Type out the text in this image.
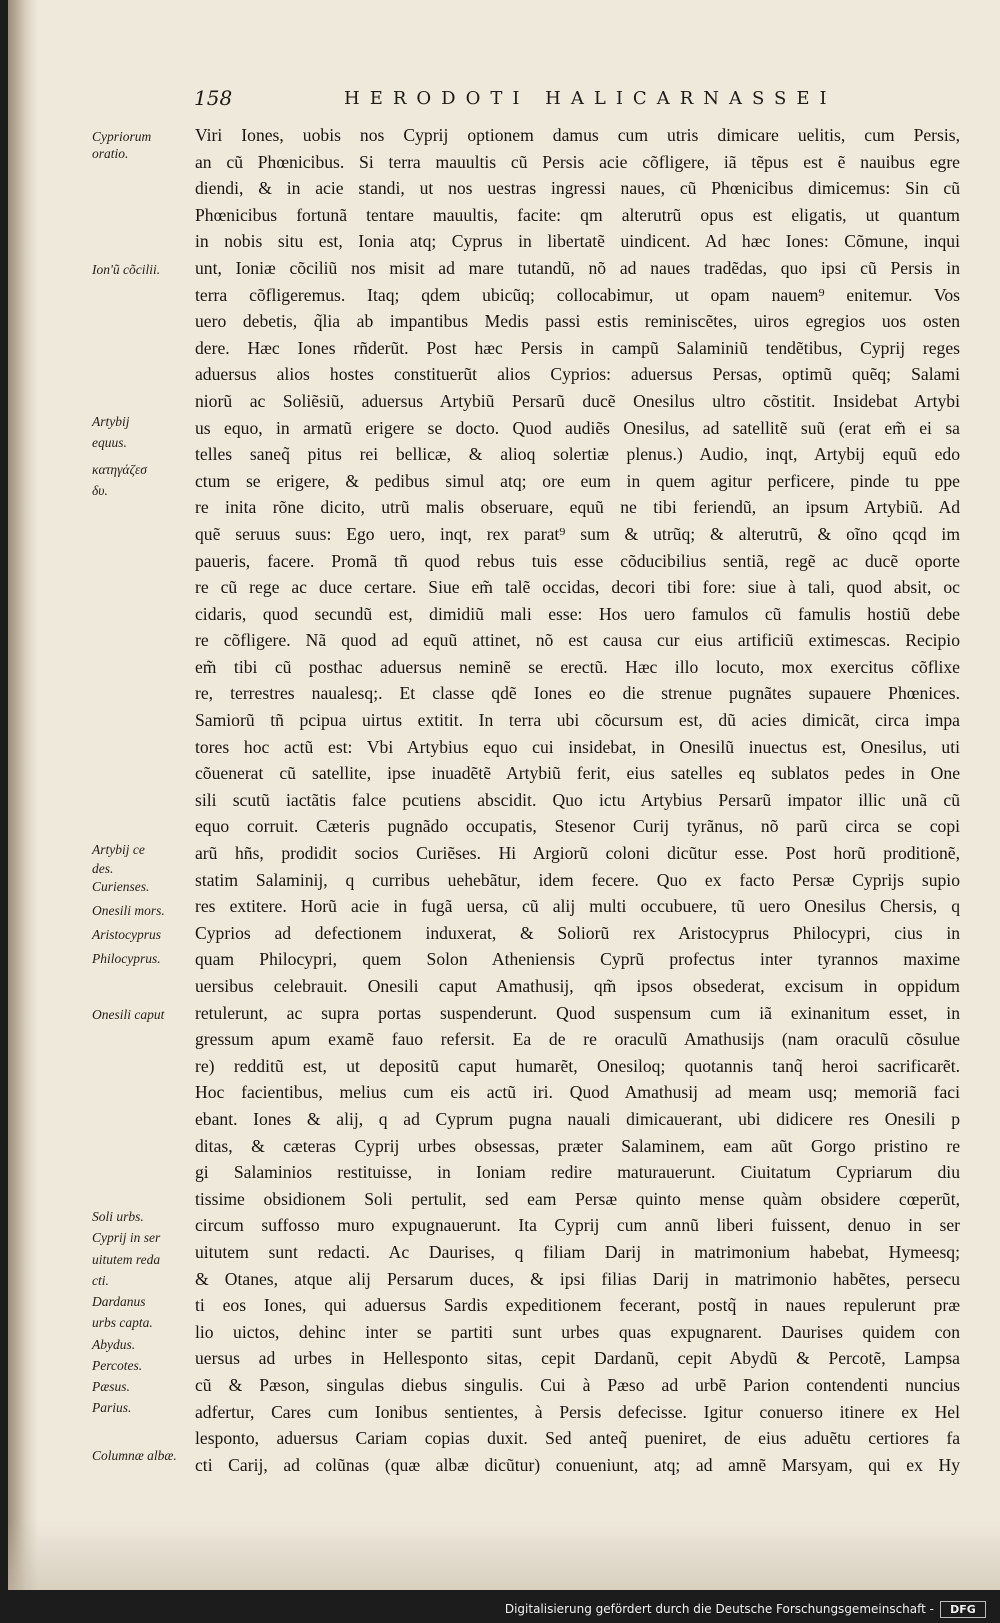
158	HERODOTI HALICARNASSEI
Cypriorum
oratio.
Ion'ũ cõcilii.
Artybij
equus.
κατηγάζεσ
δυ.
Artybij ce
des.
Curienses.
Onesili mors.
Aristocyprus
Philocyprus.
Onesili caput
Soli urbs.
Cyprij in ser
uitutem reda
cti.
Dardanus
urbs capta.
Abydus.
Percotes.
Pæsus.
Parius.
Columnæ albæ.
Viri Iones, uobis nos Cyprij optionem damus cum utris dimicare uelitis, cum Persis,
an cũ Phœnicibus. Si terra mauultis cũ Persis acie cõfligere, iã tẽpus est ẽ nauibus egre
diendi, & in acie standi, ut nos uestras ingressi naues, cũ Phœnicibus dimicemus: Sin cũ
Phœnicibus fortunã tentare mauultis, facite: qm alterutrũ opus est eligatis, ut quantum
in nobis situ est, Ionia atq; Cyprus in libertatẽ uindicent. Ad hæc Iones: Cõmune, inqui
unt, Ioniæ cõciliũ nos misit ad mare tutandũ, nõ ad naues tradẽdas, quo ipsi cũ Persis in
terra cõfligeremus. Itaq; qdem ubicũq; collocabimur, ut opam nauem⁹ enitemur. Vos
uero debetis, q̃lia ab impantibus Medis passi estis reminiscẽtes, uiros egregios uos osten
dere. Hæc Iones rñderũt. Post hæc Persis in campũ Salaminiũ tendẽtibus, Cyprij reges
aduersus alios hostes constituerũt alios Cyprios: aduersus Persas, optimũ quẽq; Salami
niorũ ac Soliẽsiũ, aduersus Artybiũ Persarũ ducẽ Onesilus ultro cõstitit. Insidebat Artybi
us equo, in armatũ erigere se docto. Quod audiẽs Onesilus, ad satellitẽ suũ (erat em̃ ei sa
telles saneq̃ pitus rei bellicæ, & alioq solertiæ plenus.) Audio, inqt, Artybij equũ edo
ctum se erigere, & pedibus simul atq; ore eum in quem agitur perficere, pinde tu ppe
re inita rõne dicito, utrũ malis obseruare, equũ ne tibi feriendũ, an ipsum Artybiũ. Ad
quẽ seruus suus: Ego uero, inqt, rex parat⁹ sum & utrũq; & alterutrũ, & oĩno qcqd im
paueris, facere. Promã tñ quod rebus tuis esse cõducibilius sentiã, regẽ ac ducẽ oporte
re cũ rege ac duce certare. Siue em̃ talẽ occidas, decori tibi fore: siue à tali, quod absit, oc
cidaris, quod secundũ est, dimidiũ mali esse: Hos uero famulos cũ famulis hostiũ debe
re cõfligere. Nã quod ad equũ attinet, nõ est causa cur eius artificiũ extimescas. Recipio
em̃ tibi cũ posthac aduersus neminẽ se erectũ. Hæc illo locuto, mox exercitus cõflixe
re, terrestres naualesq;. Et classe qdẽ Iones eo die strenue pugnãtes supauere Phœnices.
Samiorũ tñ pcipua uirtus extitit. In terra ubi cõcursum est, dũ acies dimicãt, circa impa
tores hoc actũ est: Vbi Artybius equo cui insidebat, in Onesilũ inuectus est, Onesilus, uti
cõuenerat cũ satellite, ipse inuadẽtẽ Artybiũ ferit, eius satelles eq sublatos pedes in One
sili scutũ iactãtis falce pcutiens abscidit. Quo ictu Artybius Persarũ impator illic unã cũ
equo corruit. Cæteris pugnãdo occupatis, Stesenor Curij tyrãnus, nõ parũ circa se copi
arũ hñs, prodidit socios Curiẽses. Hi Argiorũ coloni dicũtur esse. Post horũ proditionẽ,
statim Salaminij, q curribus uehebãtur, idem fecere. Quo ex facto Persæ Cyprijs supio
res extitere. Horũ acie in fugã uersa, cũ alij multi occubuere, tũ uero Onesilus Chersis, q
Cyprios ad defectionem induxerat, & Soliorũ rex Aristocyprus Philocypri, cius in
quam Philocypri, quem Solon Atheniensis Cyprũ profectus inter tyrannos maxime
uersibus celebrauit. Onesili caput Amathusij, qm̃ ipsos obsederat, excisum in oppidum
retulerunt, ac supra portas suspenderunt. Quod suspensum cum iã exinanitum esset, in
gressum apum examẽ fauo refersit. Ea de re oraculũ Amathusijs (nam oraculũ cõsulue
re) redditũ est, ut depositũ caput humarẽt, Onesiloq; quotannis tanq̃ heroi sacrificarẽt.
Hoc facientibus, melius cum eis actũ iri. Quod Amathusij ad meam usq; memoriã faci
ebant. Iones & alij, q ad Cyprum pugna nauali dimicauerant, ubi didicere res Onesili p
ditas, & cæteras Cyprij urbes obsessas, præter Salaminem, eam aũt Gorgo pristino re
gi Salaminios restituisse, in Ioniam redire maturauerunt. Ciuitatum Cypriarum diu
tissime obsidionem Soli pertulit, sed eam Persæ quinto mense quàm obsidere cœperũt,
circum suffosso muro expugnauerunt. Ita Cyprij cum annũ liberi fuissent, denuo in ser
uitutem sunt redacti. Ac Daurises, q filiam Darij in matrimonium habebat, Hymeesq;
& Otanes, atque alij Persarum duces, & ipsi filias Darij in matrimonio habẽtes, persecu
ti eos Iones, qui aduersus Sardis expeditionem fecerant, postq̃ in naues repulerunt præ
lio uictos, dehinc inter se partiti sunt urbes quas expugnarent. Daurises quidem con
uersus ad urbes in Hellesponto sitas, cepit Dardanũ, cepit Abydũ & Percotẽ, Lampsa
cũ & Pæson, singulas diebus singulis. Cui à Pæso ad urbẽ Parion contendenti nuncius
adfertur, Cares cum Ionibus sentientes, à Persis defecisse. Igitur conuerso itinere ex Hel
lesponto, aduersus Cariam copias duxit. Sed anteq̃ pueniret, de eius aduẽtu certiores fa
cti Carij, ad colũnas (quæ albæ dicũtur) conueniunt, atq; ad amnẽ Marsyam, qui ex Hy
Digitalisierung gefördert durch die Deutsche Forschungsgemeinschaft -	DFG
